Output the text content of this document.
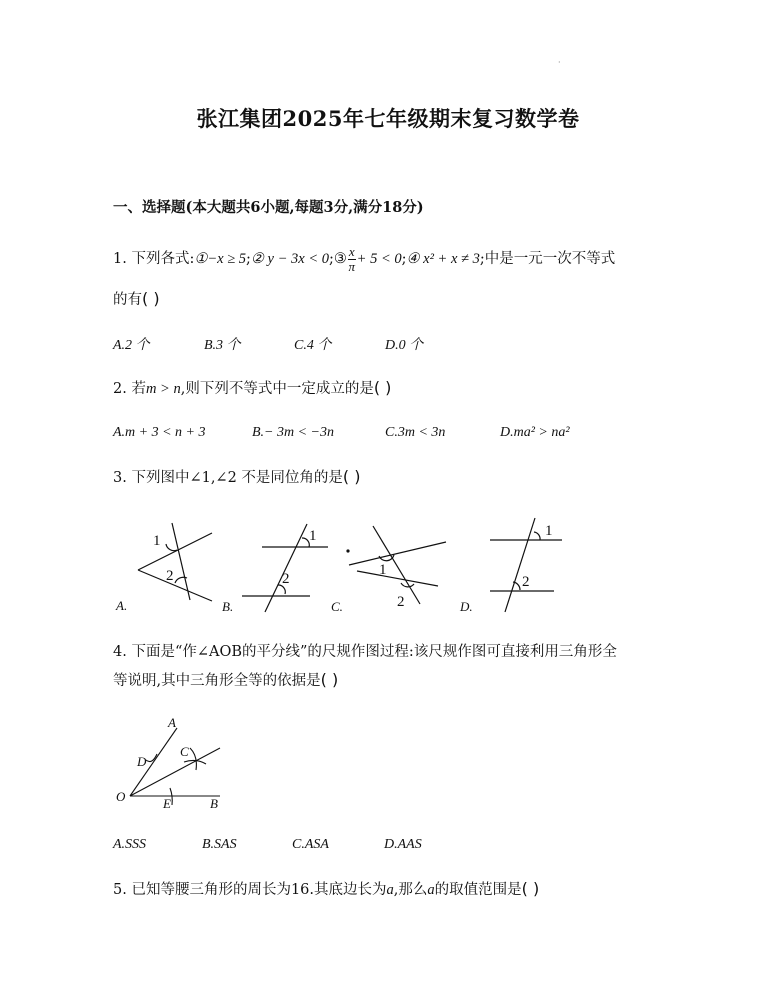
·
张江集团2025年七年级期末复习数学卷
一、选择题(本大题共6小题,每题3分,满分18分)
1. 下列各式:①−x ≥ 5;② y − 3x < 0;③ $\frac{x}{\pi} + 5$ < 0;④ x² + x ≠ 3;中是一元一次不等式
的有( )
A.2 个	B.3 个	C.4 个	D.0 个
2. 若m > n,则下列不等式中一定成立的是( )
A.m + 3 < n + 3	B.− 3m < −3n	C.3m < 3n	D.ma² > na²
3. 下列图中∠1,∠2 不是同位角的是( )
1
2
A.
1
2
B.
1
2
C.
1
2
D.
4. 下面是“作∠AOB的平分线”的尺规作图过程:该尺规作图可直接利用三角形全
等说明,其中三角形全等的依据是( )
A
D
C
O	E	B
A.SSS	B.SAS	C.ASA	D.AAS
5. 已知等腰三角形的周长为16.其底边长为a,那么a的取值范围是( )
